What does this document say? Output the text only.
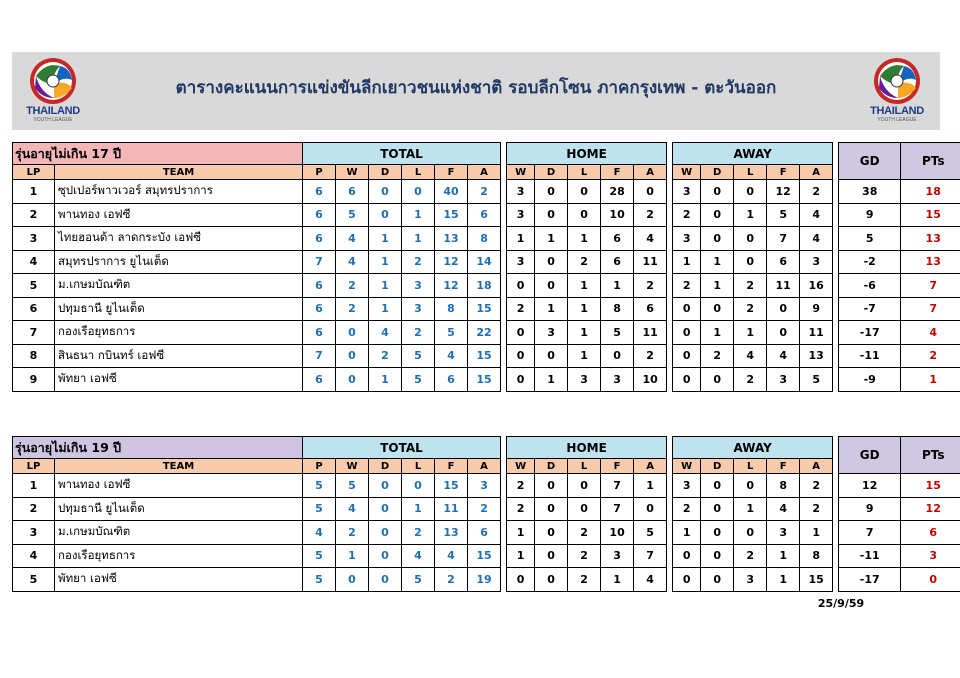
THAILAND
YOUTH LEAGUE
ตารางคะแนนการแข่งขันลีกเยาวชนแห่งชาติ รอบลีกโซน ภาคกรุงเทพ - ตะวันออก
THAILAND
YOUTH LEAGUE
รุ่นอายุไม่เกิน 17 ปี		TOTAL							HOME						AWAY						GD	PTs
LP	TEAM	P	W	D	L	F	A		W	D	L	F	A		W	D	L	F	A			
1	ซุปเปอร์พาวเวอร์ สมุทรปราการ	6	6	0	0	40	2		3	0	0	28	0		3	0	0	12	2		38	18
2	พานทอง เอฟซี	6	5	0	1	15	6		3	0	0	10	2		2	0	1	5	4		9	15
3	ไทยฮอนด้า ลาดกระบัง เอฟซี	6	4	1	1	13	8		1	1	1	6	4		3	0	0	7	4		5	13
4	สมุทรปราการ ยูไนเต็ด	7	4	1	2	12	14		3	0	2	6	11		1	1	0	6	3		-2	13
5	ม.เกษมบัณฑิต	6	2	1	3	12	18		0	0	1	1	2		2	1	2	11	16		-6	7
6	ปทุมธานี ยูไนเต็ด	6	2	1	3	8	15		2	1	1	8	6		0	0	2	0	9		-7	7
7	กองเรือยุทธการ	6	0	4	2	5	22		0	3	1	5	11		0	1	1	0	11		-17	4
8	สินธนา กบินทร์ เอฟซี	7	0	2	5	4	15		0	0	1	0	2		0	2	4	4	13		-11	2
9	พัทยา เอฟซี	6	0	1	5	6	15		0	1	3	3	10		0	0	2	3	5		-9	1
รุ่นอายุไม่เกิน 19 ปี		TOTAL							HOME						AWAY						GD	PTs
LP	TEAM	P	W	D	L	F	A		W	D	L	F	A		W	D	L	F	A			
1	พานทอง เอฟซี	5	5	0	0	15	3		2	0	0	7	1		3	0	0	8	2		12	15
2	ปทุมธานี ยูไนเต็ด	5	4	0	1	11	2		2	0	0	7	0		2	0	1	4	2		9	12
3	ม.เกษมบัณฑิต	4	2	0	2	13	6		1	0	2	10	5		1	0	0	3	1		7	6
4	กองเรือยุทธการ	5	1	0	4	4	15		1	0	2	3	7		0	0	2	1	8		-11	3
5	พัทยา เอฟซี	5	0	0	5	2	19		0	0	2	1	4		0	0	3	1	15		-17	0
25/9/59
